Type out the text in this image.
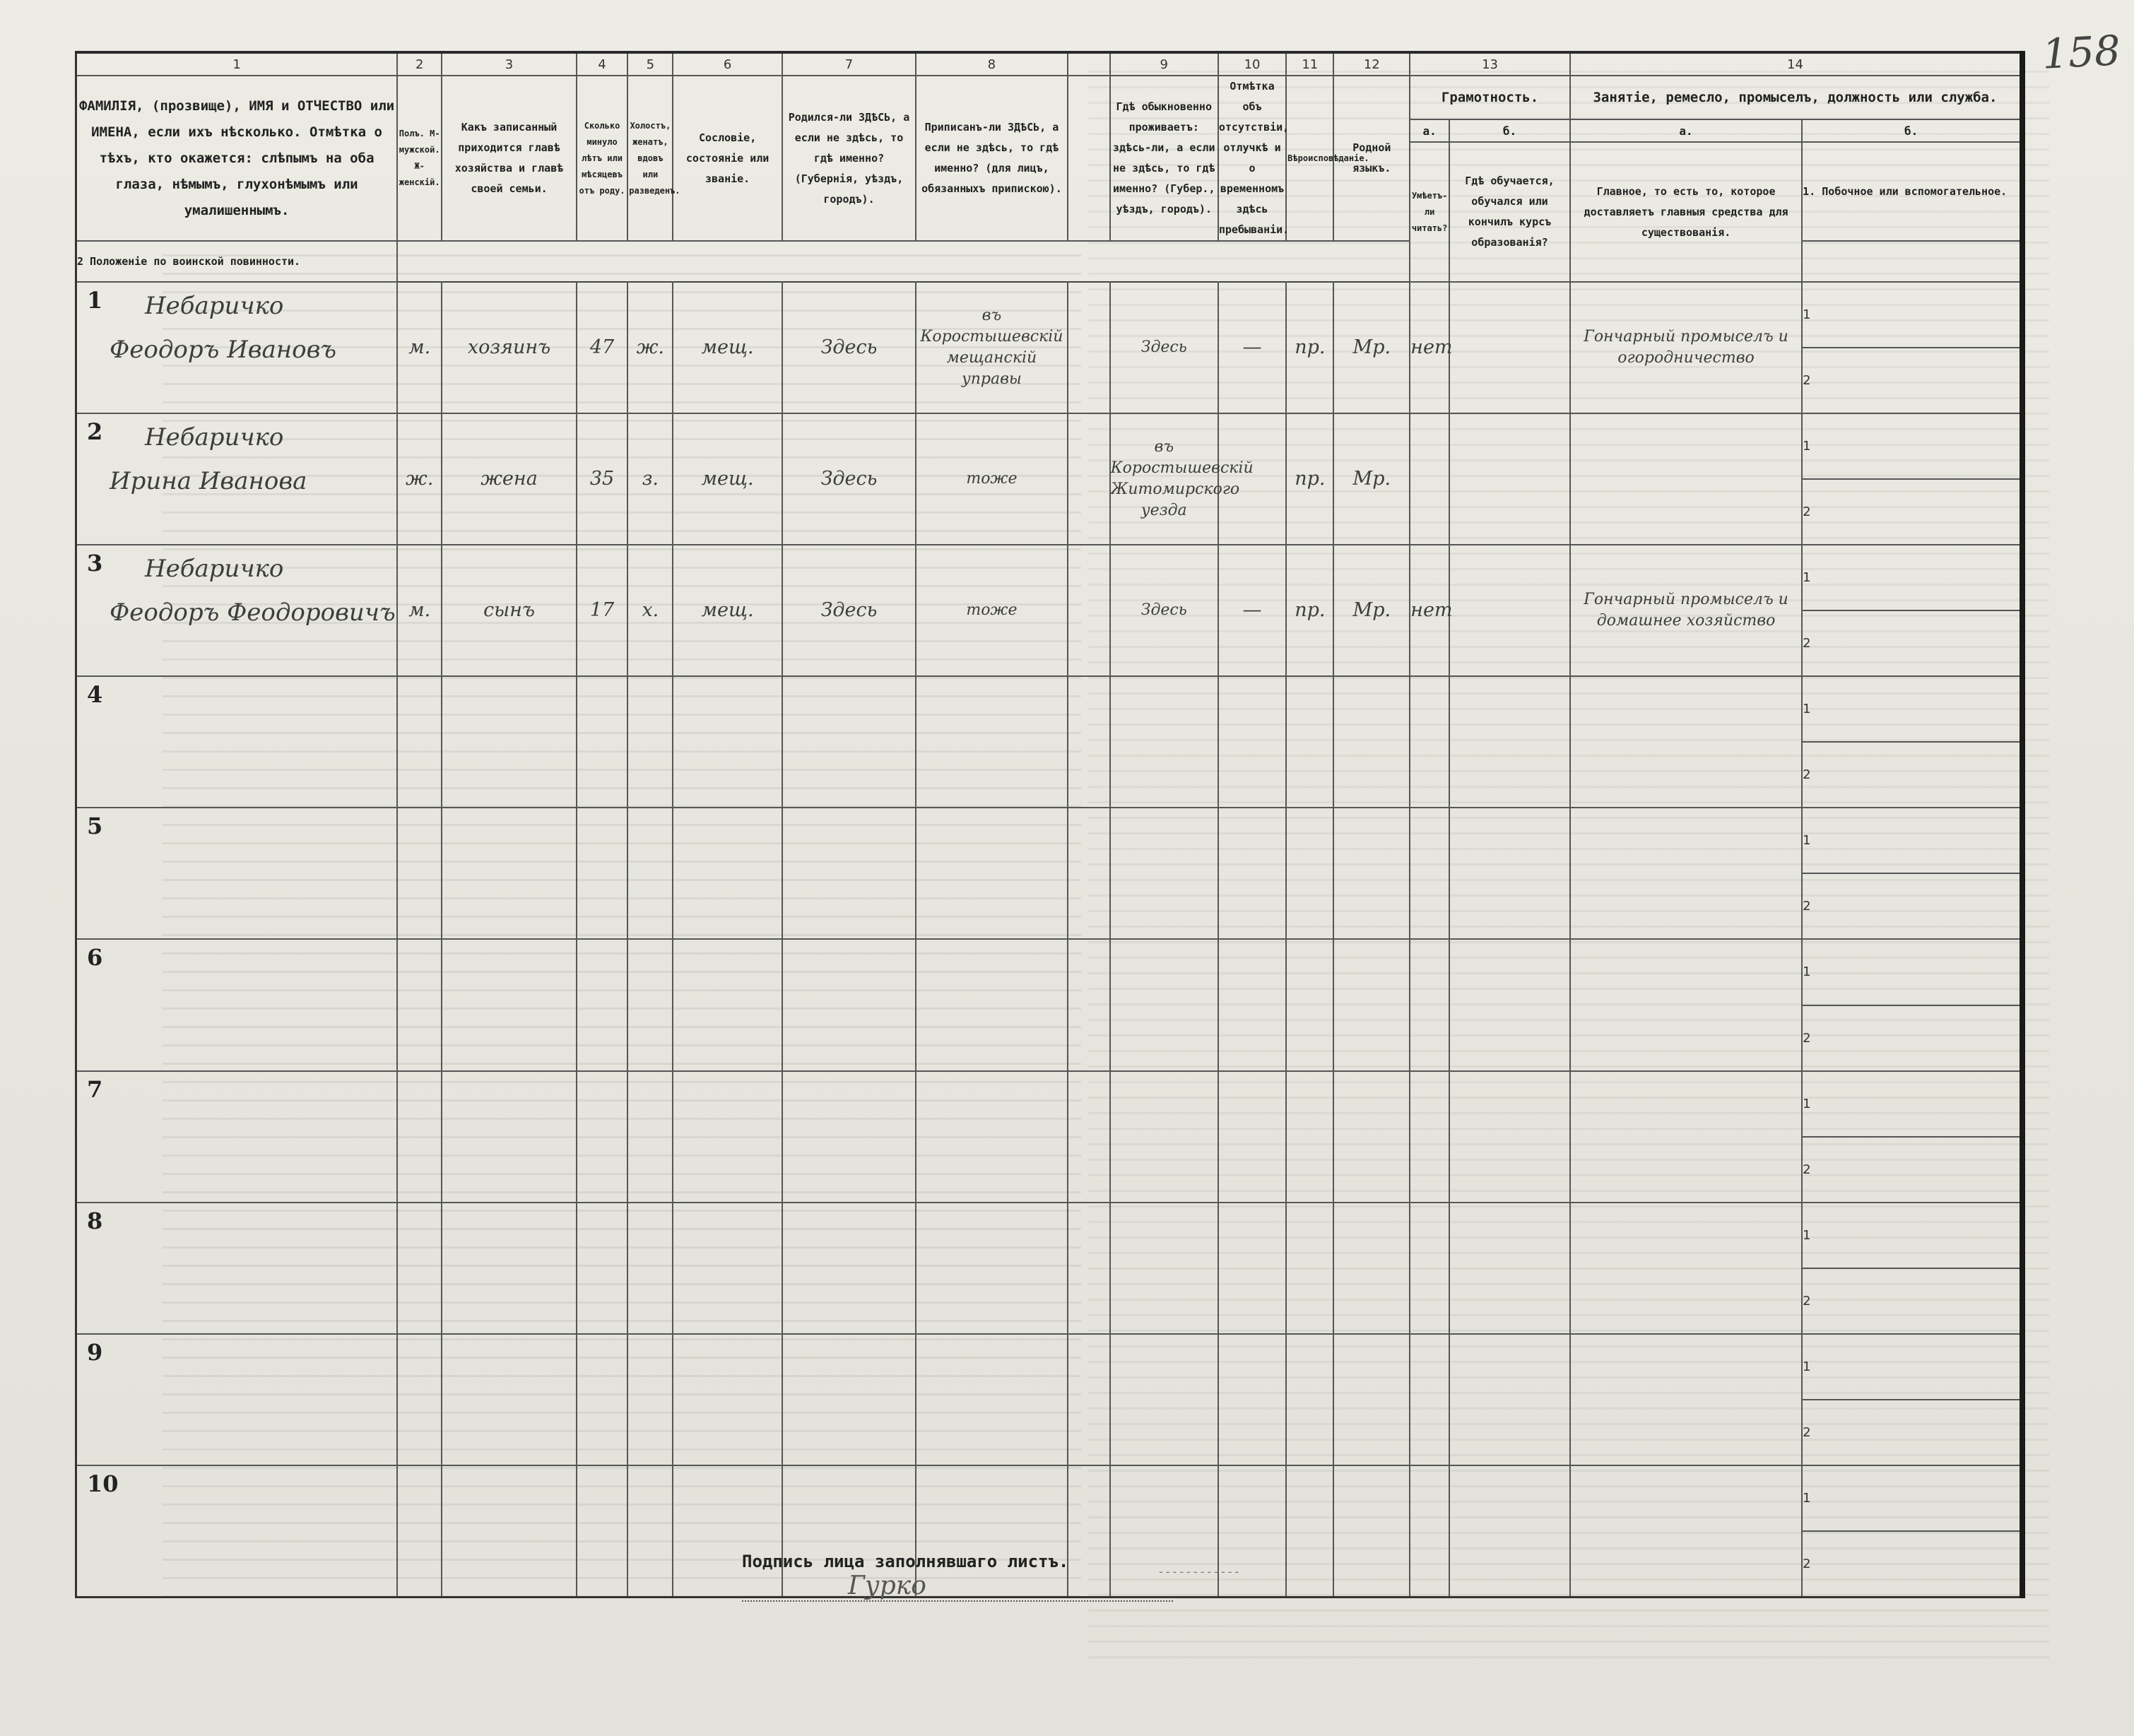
158
1	2	3	4	5	6	7	8		9	10	11	12	13		14	
ФАМИЛІЯ, (прозвище), ИМЯ и ОТЧЕСТВО или ИМЕНА, если ихъ нѣсколько. Отмѣтка о тѣхъ, кто окажется: слѣпымъ на оба глаза, нѣмымъ, глухонѣмымъ или умалишеннымъ.	Полъ. М-мужской. Ж-женскій.	Какъ записанный приходится главѣ хозяйства и главѣ своей семьи.	Сколько минуло лѣтъ или мѣсяцевъ отъ роду.	Холостъ, женатъ, вдовъ или разведенъ.	Сословіе, состояніе или званіе.	Родился-ли ЗДѢСЬ, а если не здѣсь, то гдѣ именно? (Губернія, уѣздъ, городъ).	Приписанъ-ли ЗДѢСЬ, а если не здѣсь, то гдѣ именно? (для лицъ, обязанныхъ припискою).		Гдѣ обыкновенно проживаетъ: здѣсь-ли, а если не здѣсь, то гдѣ именно? (Губер., уѣздъ, городъ).	Отмѣтка объ отсутствіи, отлучкѣ и о временномъ здѣсь пребываніи.	Вѣроисповѣданіе.	Родной языкъ.	Грамотность.		Занятіе, ремесло, промыселъ, должность или служба.	
													а.	б.	а.	б.
													Умѣетъ-ли читать?	Гдѣ обучается, обучался или кончилъ курсъ образованія?	Главное, то есть то, которое доставляетъ главныя средства для существованія.	1. Побочное или вспомогательное.
2 Положеніе по воинской повинности.																

1 Небаричко
Феодоръ Ивановъ	м.	хозяинъ	47	ж.	мещ.	Здесь	въ Коростышевскій мещанскій управы		Здесь	—	пр.	Мр.	нет		Гончарный промыселъ и огородничество	1
																2

2 Небаричко
Ирина Иванова	ж.	жена	35	з.	мещ.	Здесь	тоже		въ Коростышевскій Житомирского уезда		пр.	Мр.				1
																2

3 Небаричко
Феодоръ Феодоровичъ	м.	сынъ	17	х.	мещ.	Здесь	тоже		Здесь	—	пр.	Мр.	нет		Гончарный промыселъ и домашнее хозяйство	1
																2

4																1
																2

5																1
																2

6																1
																2

7																1
																2

8																1
																2

9																1
																2

10																1
																2
Подпись лица заполнявшаго листъ. Гурко	------------
